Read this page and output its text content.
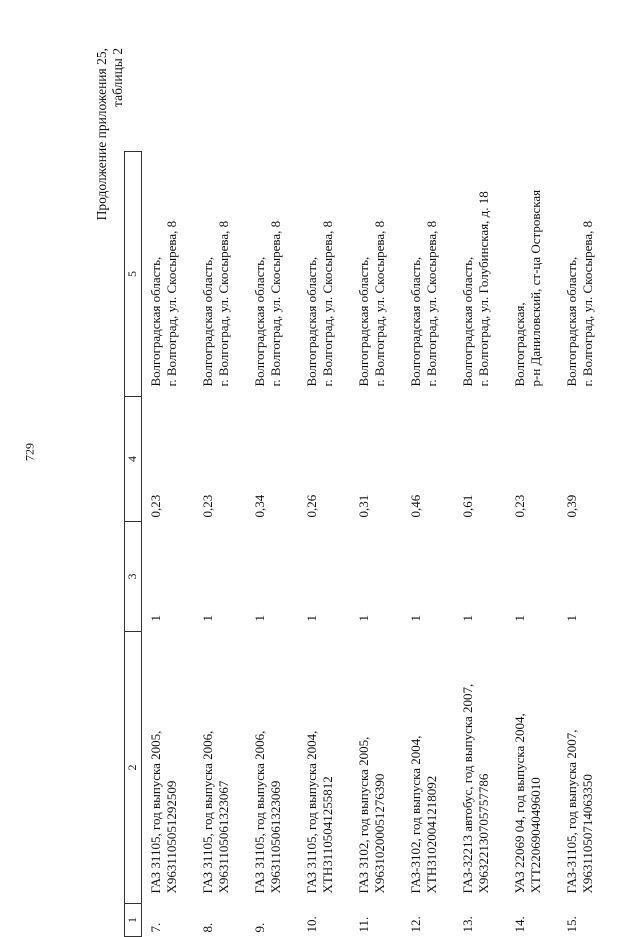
729
Продолжение приложения 25, таблицы 2
1	2	3	4	5

7.	ГАЗ 31105, год выпуска 2005, Х9631105051292509	1	0,23	Волгоградская область, г. Волгоград, ул. Скосырева, 8

8.	ГАЗ 31105, год выпуска 2006, Х9631105061323067	1	0,23	Волгоградская область, г. Волгоград, ул. Скосырева, 8

9.	ГАЗ 31105, год выпуска 2006, Х9631105061323069	1	0,34	Волгоградская область, г. Волгоград, ул. Скосырева, 8

10.	ГАЗ 31105, год выпуска 2004, ХТН31105041255812	1	0,26	Волгоградская область, г. Волгоград, ул. Скосырева, 8

11.	ГАЗ 3102, год выпуска 2005, Х96310200051276390	1	0,31	Волгоградская область, г. Волгоград, ул. Скосырева, 8

12.	ГАЗ-3102, год выпуска 2004, ХТН31020041218092	1	0,46	Волгоградская область, г. Волгоград, ул. Скосырева, 8

13.	ГАЗ-32213 автобус, год выпуска 2007, Х96322130705757786	1	0,61	Волгоградская область, г. Волгоград, ул. Голубинская, д. 18

14.	УАЗ 22069 04, год выпуска 2004, ХТТ22069040496010	1	0,23	Волгоградская, р-н Даниловский, ст-ца Островская

15.	ГАЗ-31105, год выпуска 2007, Х96311050714063350	1	0,39	Волгоградская область, г. Волгоград, ул. Скосырева, 8
